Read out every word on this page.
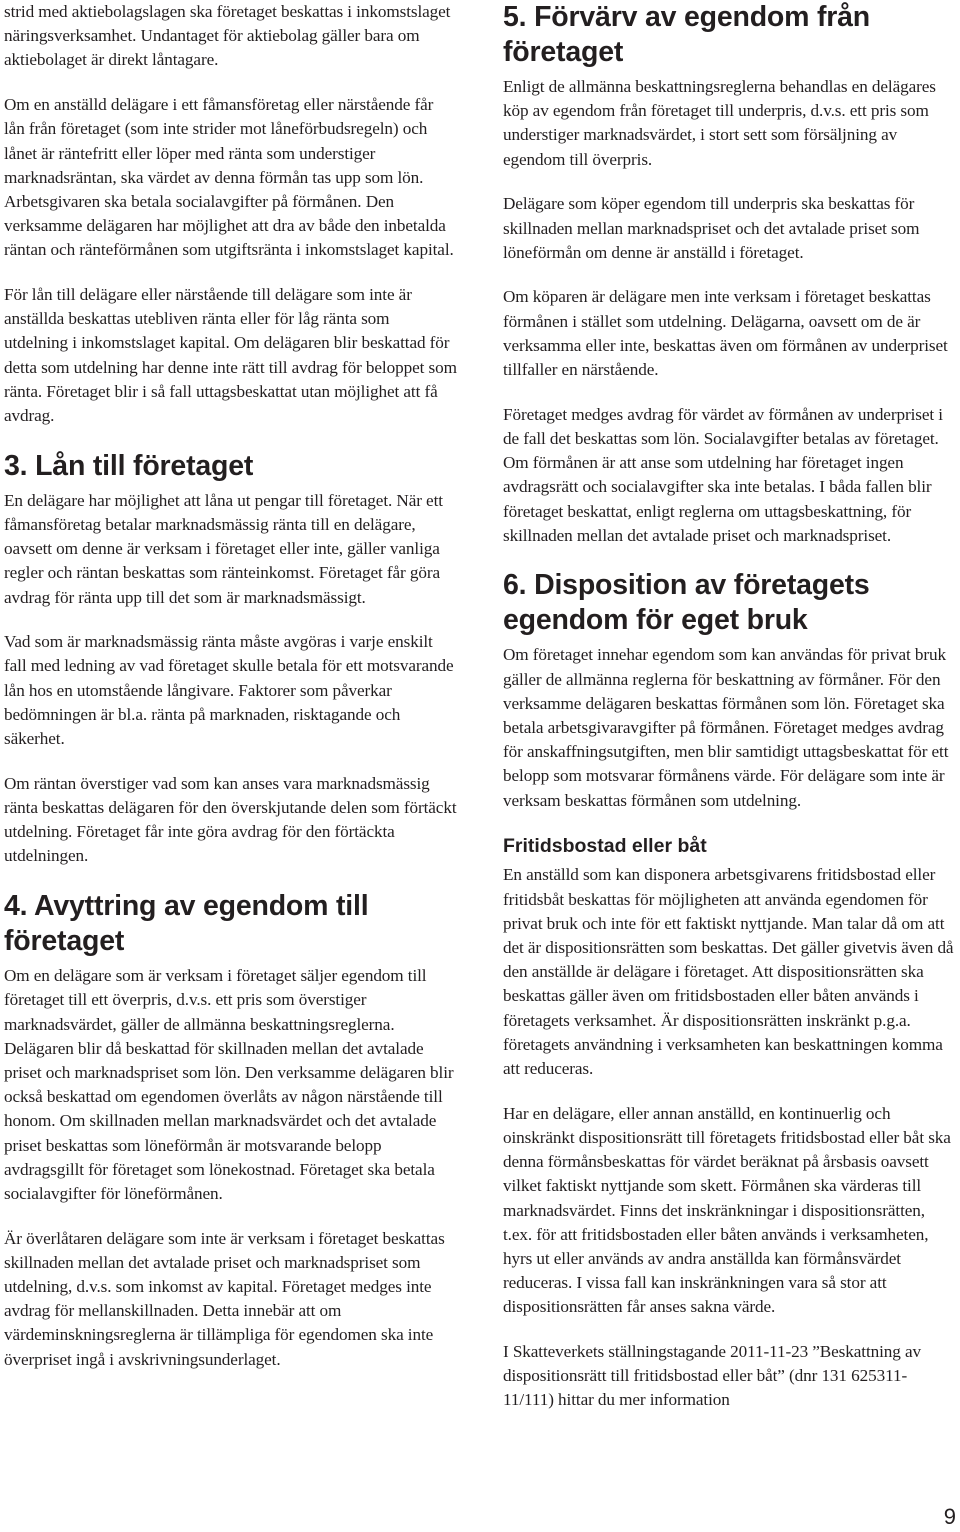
strid med aktiebolagslagen ska företaget beskattas i inkomstslaget näringsverksamhet. Undantaget för aktiebolag gäller bara om aktiebolaget är direkt låntagare.

Om en anställd delägare i ett fåmansföretag eller närstående får lån från företaget (som inte strider mot låneförbudsregeln) och lånet är räntefritt eller löper med ränta som understiger marknadsräntan, ska värdet av denna förmån tas upp som lön. Arbetsgivaren ska betala socialavgifter på förmånen. Den verksamme delägaren har möjlighet att dra av både den inbetalda räntan och ränteförmånen som utgiftsränta i inkomstslaget kapital.

För lån till delägare eller närstående till delägare som inte är anställda beskattas utebliven ränta eller för låg ränta som utdelning i inkomstslaget kapital. Om delägaren blir beskattad för detta som utdelning har denne inte rätt till avdrag för beloppet som ränta. Företaget blir i så fall uttagsbeskattat utan möjlighet att få avdrag.

3. Lån till företaget

En delägare har möjlighet att låna ut pengar till företaget. När ett fåmansföretag betalar marknadsmässig ränta till en delägare, oavsett om denne är verksam i företaget eller inte, gäller vanliga regler och räntan beskattas som ränteinkomst. Företaget får göra avdrag för ränta upp till det som är marknadsmässigt.

Vad som är marknadsmässig ränta måste avgöras i varje enskilt fall med ledning av vad företaget skulle betala för ett motsvarande lån hos en utomstående långivare. Faktorer som påverkar bedömningen är bl.a. ränta på marknaden, risktagande och säkerhet.

Om räntan överstiger vad som kan anses vara marknadsmässig ränta beskattas delägaren för den överskjutande delen som förtäckt utdelning. Företaget får inte göra avdrag för den förtäckta utdelningen.

4. Avyttring av egendom till företaget

Om en delägare som är verksam i företaget säljer egendom till företaget till ett överpris, d.v.s. ett pris som överstiger marknadsvärdet, gäller de allmänna beskattningsreglerna. Delägaren blir då beskattad för skillnaden mellan det avtalade priset och marknadspriset som lön. Den verksamme delägaren blir också beskattad om egendomen överlåts av någon närstående till honom. Om skillnaden mellan marknadsvärdet och det avtalade priset beskattas som löneförmån är motsvarande belopp avdragsgillt för företaget som lönekostnad. Företaget ska betala socialavgifter för löneförmånen.

Är överlåtaren delägare som inte är verksam i företaget beskattas skillnaden mellan det avtalade priset och marknadspriset som utdelning, d.v.s. som inkomst av kapital. Företaget medges inte avdrag för mellanskillnaden. Detta innebär att om värdeminskningsreglerna är tillämpliga för egendomen ska inte överpriset ingå i avskrivningsunderlaget.

5. Förvärv av egendom från företaget

Enligt de allmänna beskattningsreglerna behandlas en delägares köp av egendom från företaget till underpris, d.v.s. ett pris som understiger marknadsvärdet, i stort sett som försäljning av egendom till överpris.

Delägare som köper egendom till underpris ska beskattas för skillnaden mellan marknadspriset och det avtalade priset som löneförmån om denne är anställd i företaget.

Om köparen är delägare men inte verksam i företaget beskattas förmånen i stället som utdelning. Delägarna, oavsett om de är verksamma eller inte, beskattas även om förmånen av underpriset tillfaller en närstående.

Företaget medges avdrag för värdet av förmånen av underpriset i de fall det beskattas som lön. Socialavgifter betalas av företaget. Om förmånen är att anse som utdelning har företaget ingen avdragsrätt och socialavgifter ska inte betalas. I båda fallen blir företaget beskattat, enligt reglerna om uttagsbeskattning, för skillnaden mellan det avtalade priset och marknadspriset.

6. Disposition av företagets egendom för eget bruk

Om företaget innehar egendom som kan användas för privat bruk gäller de allmänna reglerna för beskattning av förmåner. För den verksamme delägaren beskattas förmånen som lön. Företaget ska betala arbetsgivaravgifter på förmånen. Företaget medges avdrag för anskaffningsutgiften, men blir samtidigt uttagsbeskattat för ett belopp som motsvarar förmånens värde. För delägare som inte är verksam beskattas förmånen som utdelning.

Fritidsbostad eller båt

En anställd som kan disponera arbetsgivarens fritidsbostad eller fritidsbåt beskattas för möjligheten att använda egendomen för privat bruk och inte för ett faktiskt nyttjande. Man talar då om att det är dispositionsrätten som beskattas. Det gäller givetvis även då den anställde är delägare i företaget. Att dispositionsrätten ska beskattas gäller även om fritidsbostaden eller båten används i företagets verksamhet. Är dispositionsrätten inskränkt p.g.a. företagets användning i verksamheten kan beskattningen komma att reduceras.

Har en delägare, eller annan anställd, en kontinuerlig och oinskränkt dispositionsrätt till företagets fritidsbostad eller båt ska denna förmånsbeskattas för värdet beräknat på årsbasis oavsett vilket faktiskt nyttjande som skett. Förmånen ska värderas till marknadsvärdet. Finns det inskränkningar i dispositionsrätten, t.ex. för att fritidsbostaden eller båten används i verksamheten, hyrs ut eller används av andra anställda kan förmånsvärdet reduceras. I vissa fall kan inskränkningen vara så stor att dispositionsrätten får anses sakna värde.

I Skatteverkets ställningstagande 2011-11-23 ”Beskattning av dispositionsrätt till fritidsbostad eller båt” (dnr 131 625311-11/111) hittar du mer information

9
